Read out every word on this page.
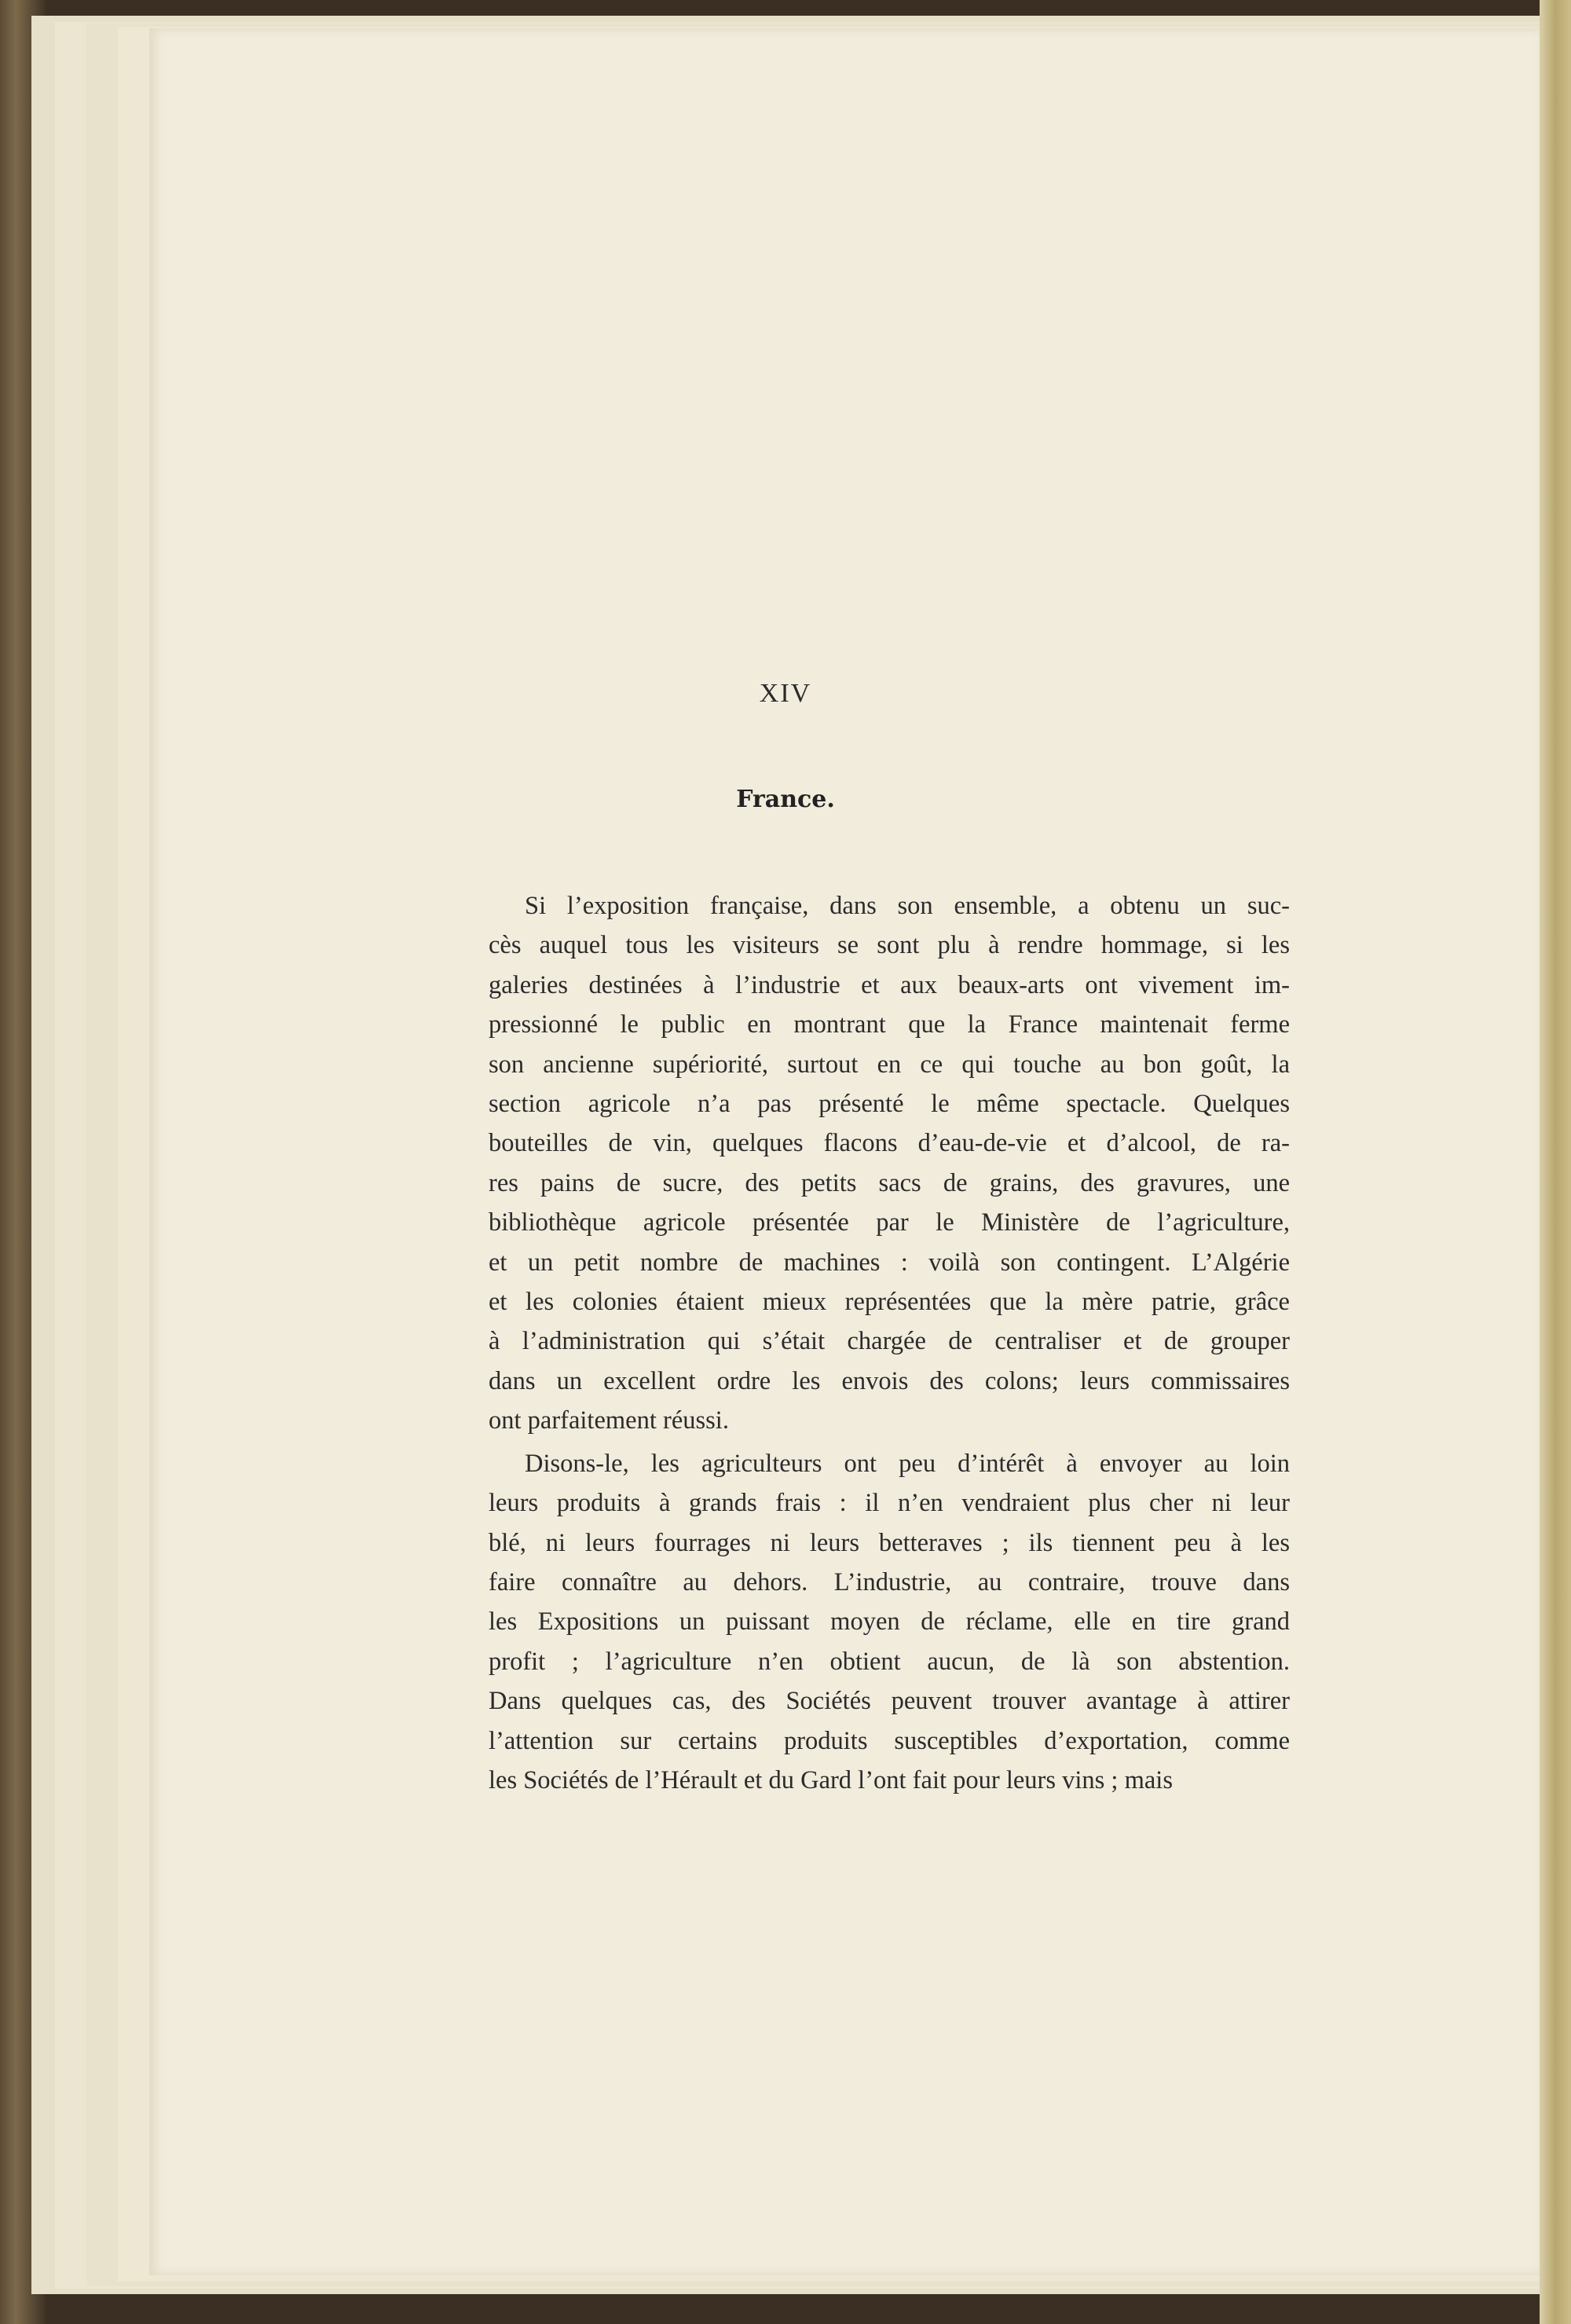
XIV
France.
Si l’exposition française, dans son ensemble, a obtenu un suc-
cès auquel tous les visiteurs se sont plu à rendre hommage, si les
galeries destinées à l’industrie et aux beaux-arts ont vivement im-
pressionné le public en montrant que la France maintenait ferme
son ancienne supériorité, surtout en ce qui touche au bon goût, la
section agricole n’a pas présenté le même spectacle. Quelques
bouteilles de vin, quelques flacons d’eau-de-vie et d’alcool, de ra-
res pains de sucre, des petits sacs de grains, des gravures, une
bibliothèque agricole présentée par le Ministère de l’agriculture,
et un petit nombre de machines : voilà son contingent. L’Algérie
et les colonies étaient mieux représentées que la mère patrie, grâce
à l’administration qui s’était chargée de centraliser et de grouper
dans un excellent ordre les envois des colons; leurs commissaires
ont parfaitement réussi.
Disons-le, les agriculteurs ont peu d’intérêt à envoyer au loin
leurs produits à grands frais : il n’en vendraient plus cher ni leur
blé, ni leurs fourrages ni leurs betteraves ; ils tiennent peu à les
faire connaître au dehors. L’industrie, au contraire, trouve dans
les Expositions un puissant moyen de réclame, elle en tire grand
profit ; l’agriculture n’en obtient aucun, de là son abstention.
Dans quelques cas, des Sociétés peuvent trouver avantage à attirer
l’attention sur certains produits susceptibles d’exportation, comme
les Sociétés de l’Hérault et du Gard l’ont fait pour leurs vins ; mais
